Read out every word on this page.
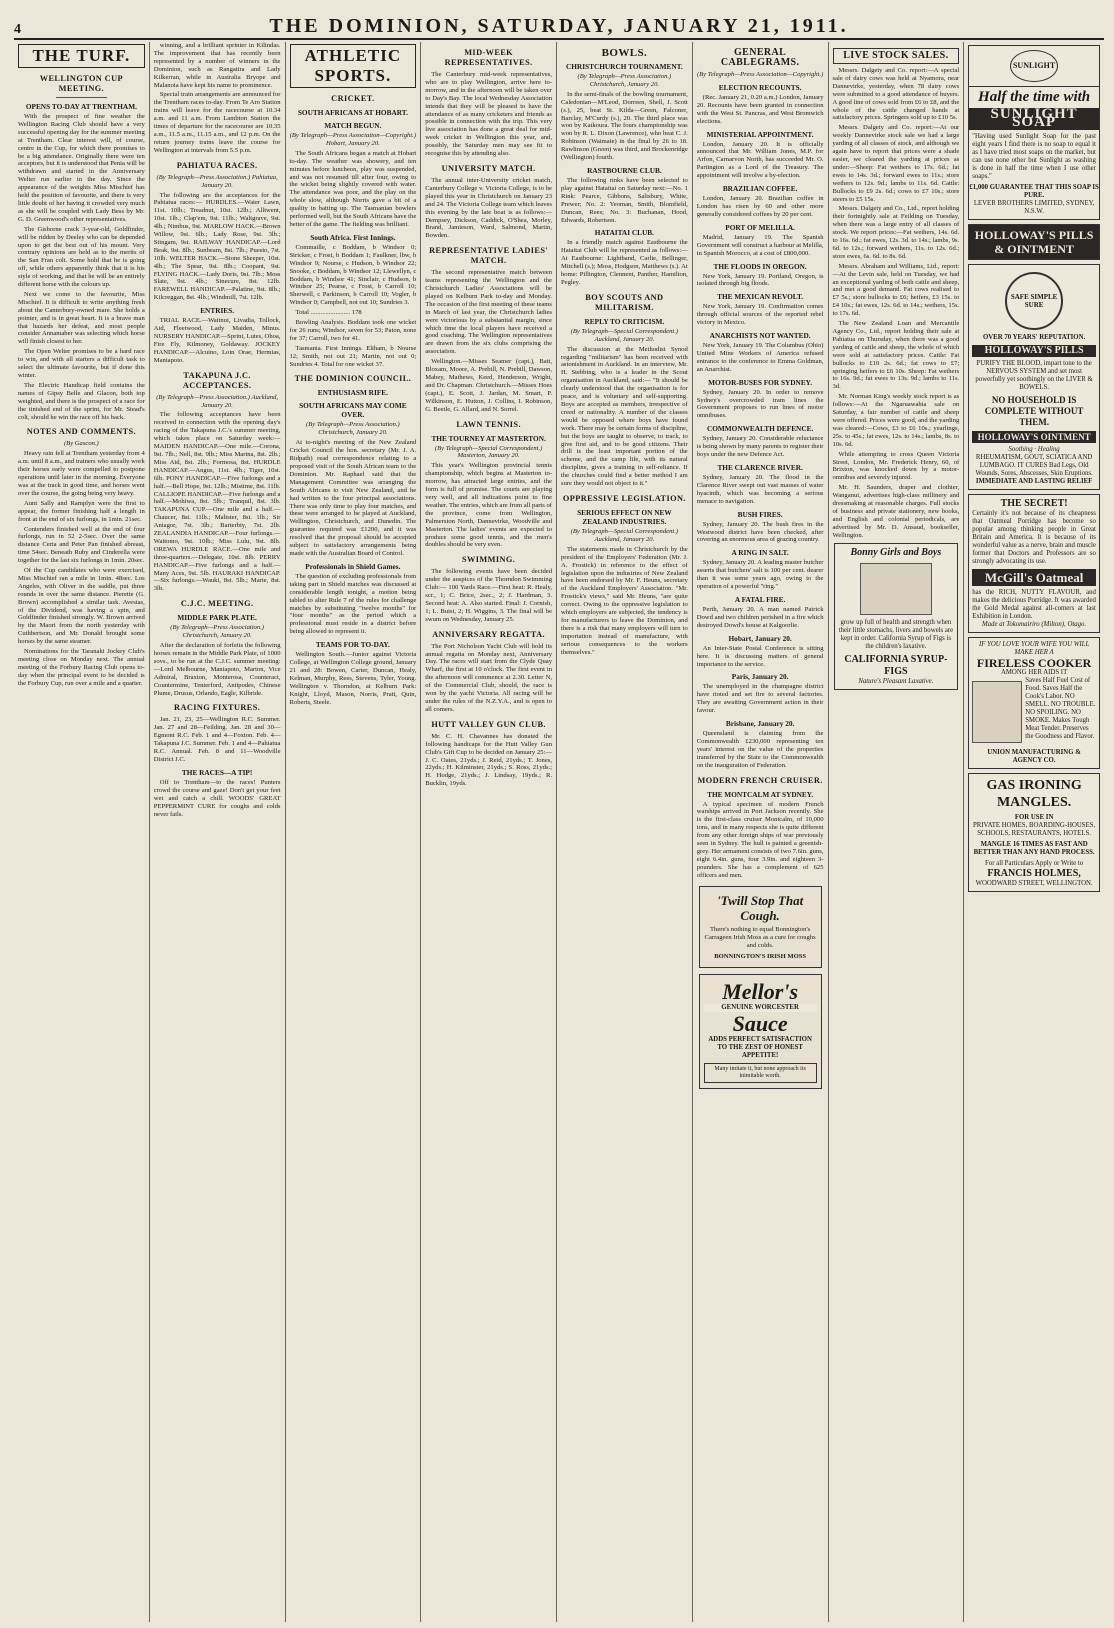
4	THE DOMINION, SATURDAY, JANUARY 21, 1911.
THE TURF.
WELLINGTON CUP MEETING.
OPENS TO-DAY AT TRENTHAM.

With the prospect of fine weather the Wellington Racing Club should have a very successful opening day for the summer meeting at Trentham. Clear interest will, of course, centre in the Cup, for which there promises to be a big attendance. Originally there were ten acceptors, but it is understood that Penia will be withdrawn and started in the Anniversary Welter run earlier in the day. Since the appearance of the weights Miss Mischief has held the position of favourite, and there is very little doubt of her having it crowded very much as she will be coupled with Lady Bess by Mr. G. D. Greenwood's other representatives.

The Gisborne crack 3-year-old, Goldfinder, will be ridden by Deeley who can be depended upon to get the best out of his mount. Very contrary opinions are held as to the merits of the San Fran colt. Some hold that he is going off, while others apparently think that it is his style of working, and that he will be an entirely different horse with the colours up.

Next we come to the favourite, Miss Mischief. It is difficult to write anything fresh about the Canterbury-owned mare. She holds a pointer, and is in great heart. It is a brave man that hazards her defeat, and most people consider Annamaber was selecting which horse will finish closest to her.

The Open Welter promises to be a hard race to win, and with all starters a difficult task to select the ultimate favourite, but if done this winter.

The Electric Handicap field contains the names of Gipsy Belle and Glacon, both top weighted, and there is the prospect of a race for the tinished end of the sprint, for Mr. Stead's colt, should he win the race off his back.

NOTES AND COMMENTS.
(By Gascon.)

Heavy rain fell at Trentham yesterday from 4 a.m. until 8 a.m., and trainers who usually work their horses early were compelled to postpone operations until later in the morning. Everyone was at the track in good time, and horses went over the course, the going being very heavy.

Aunt Sally and Ramplyn were the first to appear, the former finishing half a length in front at the end of six furlongs, in 1min. 21sec.

Contenders finished well at the end of four furlongs, run in 52 2-5sec. Over the same distance Certa and Peter Pan finished abreast, time 54sec. Beneath Ruby and Cinderella were together for the last six furlongs in 1min. 20sec.

Of the Cup candidates who were exercised, Miss Mischief ran a mile in 1min. 48sec. Los Angeles, with Oliver in the saddle, put three rounds in over the same distance. Pierette (G. Brown) accomplished a similar task. Avestas, of the Dividend, was having a spin, and Goldfinder finished strongly. W. Brown arrived by the Maori from the north yesterday with Cuthbertson, and Mr. Donald brought some horses by the same steamer.

Nominations for the Taranaki Jockey Club's meeting close on Monday next. The annual meeting of the Forbury Racing Club opens to-day when the principal event to be decided is the Forbury Cup, run over a mile and a quarter.

winning, and a brilliant sprinter in Kilindas. The improvement that has recently been represented by a number of winners in the Dominion, such as Rangatira and Lady Kilkerran, while in Australia Bryope and Malanoia have kept his name to prominence.

Special train arrangements are announced for the Trentham races to-day. From Te Aro Station trains will leave for the racecourse at 10.34 a.m. and 11 a.m. From Lambton Station the times of departure for the racecourse are 10.35 a.m., 11.5 a.m., 11.15 a.m., and 12 p.m. On the return journey trains leave the course for Wellington at intervals from 5.5 p.m.

PAHIATUA RACES.
(By Telegraph—Press Association.) Pahiatua, January 20.

The following are the acceptances for the Pahiatua races:— HURDLES.—Water Lawn, 11st. 10lb.; Treadnut, 10st. 12lb.; Alltwent, 10st. 1lb.; Clap'em, 9st. 11lb.; Waltgrave, 9st. 4lb.; Nimbus, 9st. MARLOW HACK.—Brown Willow, 9st. 6lb.; Lady Rose, 9st. 3lb.; Stingam, 9st. RAILWAY HANDICAP.—Lord Beak, 9st. 8lb.; Sunbeam, 8st. 7lb.; Puesto, 7st. 10lb. WELTER HACK.—Stone Sheeper, 10st. 4lb.; The Spear, 9st. 8lb.; Coopant, 9st. FLYING HACK.—Lady Doris, 9st. 7lb.; Moss Slate, 9st. 4lb.; Sinecure, 8st. 12lb. FAREWELL HANDICAP.—Palatine, 9st. 8lb.; Kilcreggan, 8st. 4lb.; Windmill, 7st. 12lb.

ENTRIES.

TRIAL RACE.—Waitnui, Livadia, Tollock, Aid, Fleetwood, Lady Maiden, Minus. NURSERY HANDICAP.—Sprint, Lutes, Ohoa, Fire Fly, Kilmoney, Goldaway. JOCKEY HANDICAP.—Alcuino, Loin Orae, Hermias, Maniapoto.

TAKAPUNA J.C. ACCEPTANCES.
(By Telegraph—Press Association.) Auckland, January 20.

The following acceptances have been received in connection with the opening day's racing of the Takapuna J.C.'s summer meeting, which takes place on Saturday week:— MAIDEN HANDICAP.—One mile.—Corona, 9st. 7lb.; Nell, 8st. 9lb.; Miss Marina, 8st. 2lb.; Miss Aid, 8st. 2lb.; Formosa, 8st. HURDLE HANDICAP.—Angus, 11st. 4lb.; Tiger, 10st. 6lb. PONY HANDICAP.—Five furlongs and a half.—Bell Hope, 9st. 12lb.; Mistime, 8st. 11lb. CALLIOPE HANDICAP.—Five furlongs and a half.—Mohiwa, 8st. 5lb.; Tranquil, 8st. 3lb. TAKAPUNA CUP.—One mile and a half.—Chaucer, 8st. 11lb.; Maltster, 8st. 1lb.; Sir Antagor, 7st. 3lb.; Barterbiy, 7st. 2lb. ZEALANDIA HANDICAP.—Four furlongs.—Waitomo, 9st. 10lb.; Miss Lulu, 9st. 8lb. OREWA HURDLE RACE.—One mile and three-quarters.—Delegate, 10st. 8lb. PERRY HANDICAP.—Five furlongs and a half.—Many Aces, 9st. 5lb. HAURAKI HANDICAP.—Six furlongs.—Wauki, 8st. 5lb.; Marie, 8st. 3lb.

C.J.C. MEETING.
MIDDLE PARK PLATE.
(By Telegraph—Press Association.) Christchurch, January 20.

After the declaration of forfeits the following horses remain in the Middle Park Plate, of 1000 sovs., to be run at the C.J.C. summer meeting:—Lord Melbourne, Maniapoto, Marton, Vice Admiral, Braxton, Monterosa, Counteract, Countermine, Tenterford, Antipodes, Chinese Plume, Drusus, Orlando, Eagle, Kilbride.

RACING FIXTURES.

Jan. 21, 23, 25—Wellington R.C. Summer. Jan. 27 and 28—Feilding. Jan. 28 and 30—Egmont R.C. Feb. 1 and 4—Foxton. Feb. 4—Takapuna J.C. Summer. Feb. 1 and 4—Pahiatua R.C. Annual. Feb. 8 and 11—Woodville District J.C.

THE RACES—A TIP!

Off to Trentham—to the races! Punters crowd the course and gaze! Don't get your feet wet and catch a chill. WOODS' GREAT PEPPERMINT CURE for coughs and colds never fails.

ATHLETIC SPORTS.
CRICKET.
SOUTH AFRICANS AT HOBART.
MATCH BEGUN.
(By Telegraph—Press Association—Copyright.) Hobart, January 20.

The South Africans began a match at Hobart to-day. The weather was showery, and ten minutes before luncheon, play was suspended, and was not resumed till after four, owing to the wicket being slightly covered with water. The attendance was poor, and the play on the whole slow, although Norris gave a bit of a quality in batting up. The Tasmanian bowlers performed well, but the South Africans have the better of the game. The fielding was brilliant.

South Africa. First Innings.

Commaille, c Boddam, b Windsor 0; Stricker, c Frost, b Boddam 1; Faulkner, lbw, b Windsor 9; Nourse, c Hudson, b Windsor 22; Snooke, c Boddam, b Windsor 12; Llewellyn, c Boddam, b Windsor 41; Sinclair, c Hudson, b Windsor 25; Pearse, c Frost, b Carroll 10; Sherwell, c Parkinson, b Carroll 10; Vogler, b Windsor 0; Campbell, not out 10; Sundries 3.

Total ........................ 178

Bowling Analysis. Boddam took one wicket for 26 runs; Windsor, seven for 53; Paton, none for 37; Carroll, two for 41.

Tasmania. First Innings. Eltham, b Nourse 12; Smith, not out 21; Martin, not out 0; Sundries 4. Total for one wicket 37.

THE DOMINION COUNCIL.
ENTHUSIASM RIFE.
SOUTH AFRICANS MAY COME OVER.
(By Telegraph—Press Association.) Christchurch, January 20.

At to-night's meeting of the New Zealand Cricket Council the hon. secretary (Mr. J. A. Ridpath) read correspondence relating to a proposed visit of the South African team to the Dominion. Mr. Raphael said that the Management Committee was arranging the South Africans to visit New Zealand, and he had written to the four principal associations. There was only time to play four matches, and these were arranged to be played at Auckland, Wellington, Christchurch, and Dunedin. The guarantee required was £1200, and it was resolved that the proposal should be accepted subject to satisfactory arrangements being made with the Australian Board of Control.

Professionals in Shield Games.

The question of excluding professionals from taking part in Shield matches was discussed at considerable length tonight, a motion being tabled to alter Rule 7 of the rules for challenge matches by substituting "twelve months" for "four months" as the period which a professional must reside in a district before being allowed to represent it.

TEAMS FOR TO-DAY.

Wellington South.—Junior against Victoria College, at Wellington College ground, January 21 and 28: Bowen, Carter, Duncan, Healy, Kelman, Murphy, Rees, Stevens, Tyler, Young. Wellington v. Thorndon, at Kelburn Park: Knight, Lloyd, Mason, Norris, Pratt, Quin, Roberts, Steele.

MID-WEEK REPRESENTATIVES.

The Canterbury mid-week representatives, who are to play Wellington, arrive here to-morrow, and in the afternoon will be taken over to Day's Bay. The local Wednesday Association intends that they will be pleased to have the attendance of as many cricketers and friends as possible in connection with the trip. This very live association has done a great deal for mid-week cricket in Wellington this year, and, possibly, the Saturday men may see fit to recognise this by attending also.

UNIVERSITY MATCH.

The annual inter-University cricket match, Canterbury College v. Victoria College, is to be played this year in Christchurch on January 23 and 24. The Victoria College team which leaves this evening by the late boat is as follows:—Dempsey, Dickson, Caddick, O'Shea, Morley, Brand, Jamieson, Ward, Salmond, Martin, Bowden.

REPRESENTATIVE LADIES' MATCH.

The second representative match between teams representing the Wellington and the Christchurch Ladies' Associations will be played on Kelburn Park to-day and Monday. The occasion of the first meeting of these teams in March of last year, the Christchurch ladies were victorious by a substantial margin, since which time the local players have received a good coaching. The Wellington representatives are drawn from the six clubs comprising the association.

Wellington.—Misses Seamer (capt.), Batt, Bloxam, Moore, A. Prebill, N. Prebill, Dawson, Mabey, Mathews, Keed, Henderson, Wright, and Dr. Chapman. Christchurch.—Misses Hoes (capt.), E. Scott, J. Jardan, M. Smart, P. Wilkinson, E. Hutton, J. Collins, I. Robinson, G. Beetle, G. Allard, and N. Sorrel.

LAWN TENNIS.
THE TOURNEY AT MASTERTON.
(By Telegraph—Special Correspondent.) Masterton, January 20.

This year's Wellington provincial tennis championship, which begins at Masterton to-morrow, has attracted large entries, and the form is full of promise. The courts are playing very well, and all indications point to fine weather. The entries, which are from all parts of the province, come from Wellington, Palmerston North, Dannevirke, Woodville and Masterton. The ladies' events are expected to produce some good tennis, and the men's doubles should be very even.

SWIMMING.

The following events have been decided under the auspices of the Thorndon Swimming Club:— 100 Yards Race.—First heat: R. Healy, scr., 1; C. Brice, 2sec., 2; J. Hardman, 3. Second heat: A. Also started. Final: J. Cornish, 1; L. Buist, 2; H. Wiggins, 3. The final will be swum on Wednesday, January 25.

ANNIVERSARY REGATTA.

The Port Nicholson Yacht Club will hold its annual regatta on Monday next, Anniversary Day. The races will start from the Clyde Quay Wharf, the first at 10 o'clock. The first event in the afternoon will commence at 2.30. Letter N, of the Commercial Club, should, the race is won by the yacht Victoria. All racing will be under the rules of the N.Z.Y.A., and is open to all comers.

HUTT VALLEY GUN CLUB.

Mr. C. H. Chavannes has donated the following handicaps for the Hutt Valley Gun Club's Gift Cup to be decided on January 25:—J. C. Oates, 21yds.; J. Reid, 21yds.; T. Jones, 22yds.; H. Kilminster, 21yds.; S. Ross, 21yds.; H. Hodge, 21yds.; J. Lindsay, 19yds.; R. Bucklin, 19yds.

BOWLS.
CHRISTCHURCH TOURNAMENT.
(By Telegraph—Press Association.) Christchurch, January 20.

In the semi-finals of the bowling tournament, Caledonian—M'Leod, Dorreen, Shell, J. Scott (s.), 25, beat St. Kilda—Green, Falconer, Barclay, M'Curdy (s.), 20. The third place was won by Kaikoura. The fours championship was won by R. L. Dixon (Lawrence), who beat C. J. Robinson (Waimate) in the final by 26 to 18. Rawlinson (Green) was third, and Brockenridge (Wellington) fourth.

RASTBOURNE CLUB.

The following rinks have been selected to play against Hataitai on Saturday next:—No. 1 Rink: Pearce, Gibbons, Salisbury, White, Prewer; No. 2: Yeoman, Smith, Blomfield, Duncan, Rees; No. 3: Buchanan, Hood, Edwards, Robertson.

HATAITAI CLUB.

In a friendly match against Eastbourne the Hataitai Club will be represented as follows:—At Eastbourne: Lightband, Carlie, Bellinger, Mitchell (s.); Moss, Hodgson, Matthews (s.). At home: Pillington, Clennent, Panther, Hamilton, Pegley.

BOY SCOUTS AND MILITARISM.
REPLY TO CRITICISM.
(By Telegraph—Special Correspondent.) Auckland, January 20.

The discussion at the Methodist Synod regarding "militarism" has been received with astonishment in Auckland. In an interview, Mr. H. Stebbing, who is a leader in the Scout organisation in Auckland, said:— "It should be clearly understood that the organisation is for peace, and is voluntary and self-supporting. Boys are accepted as members, irrespective of creed or nationality. A number of the classes would be opposed where boys have found work. There may be certain forms of discipline, but the boys are taught to observe, to track, to give first aid, and to be good citizens. Their drill is the least important portion of the scheme, and the camp life, with its natural discipline, gives a training in self-reliance. If the churches could find a better method I am sure they would not object to it."

OPPRESSIVE LEGISLATION.
SERIOUS EFFECT ON NEW ZEALAND INDUSTRIES.
(By Telegraph—Special Correspondent.) Auckland, January 20.

The statements made in Christchurch by the president of the Employers' Federation (Mr. J. A. Frostick) in reference to the effect of legislation upon the industries of New Zealand have been endorsed by Mr. F. Heuns, secretary of the Auckland Employers' Association. "Mr. Frostick's views," said Mr. Heuns, "are quite correct. Owing to the oppressive legislation to which employers are subjected, the tendency is for manufacturers to leave the Dominion, and there is a risk that many employers will turn to importation instead of manufacture, with serious consequences to the workers themselves."

GENERAL CABLEGRAMS.
(By Telegraph—Press Association—Copyright.)
ELECTION RECOUNTS.

(Rec. January 21, 0.20 a.m.) London, January 20. Recounts have been granted in connection with the West St. Pancras, and West Bromwich elections.

MINISTERIAL APPOINTMENT.

London, January 20. It is officially announced that Mr. William Jones, M.P. for Arfon, Carnarvon North, has succeeded Mr. O. Partington as a Lord of the Treasury. The appointment will involve a by-election.

BRAZILIAN COFFEE.

London, January 20. Brazilian coffee in London has risen by 60 and other more generally considered coffees by 20 per cent.

PORT OF MELILLA.

Madrid, January 19. The Spanish Government will construct a harbour at Melilla, in Spanish Morocco, at a cost of £800,000.

THE FLOODS IN OREGON.

New York, January 19. Portland, Oregon, is isolated through big floods.

THE MEXICAN REVOLT.

New York, January 19. Confirmation comes through official sources of the reported rebel victory in Mexico.

ANARCHISTS NOT WANTED.

New York, January 19. The Columbus (Ohio) United Mine Workers of America refused entrance to the conference to Emma Goldman, an Anarchist.

MOTOR-BUSES FOR SYDNEY.

Sydney, January 20. In order to remove Sydney's overcrowded tram lines the Government proposes to run lines of motor omnibuses.

COMMONWEALTH DEFENCE.

Sydney, January 20. Considerable reluctance is being shown by many parents to register their boys under the new Defence Act.

THE CLARENCE RIVER.

Sydney, January 20. The flood in the Clarence River swept out vast masses of water hyacinth, which was becoming a serious menace to navigation.

BUSH FIRES.

Sydney, January 20. The bush fires in the Westwood district have been checked, after covering an enormous area of grazing country.

A RING IN SALT.

Sydney, January 20. A leading master butcher asserts that butchers' salt is 100 per cent. dearer than it was some years ago, owing to the operation of a powerful "ring."

A FATAL FIRE.

Perth, January 20. A man named Patrick Dowd and two children perished in a fire which destroyed Dowd's house at Kalgoorlie.

Hobart, January 20.

An Inter-State Postal Conference is sitting here. It is discussing matters of general importance to the service.

Paris, January 20.

The unemployed in the champagne district have rioted and set fire to several factories. They are awaiting Government action in their favour.

Brisbane, January 20.

Queensland is claiming from the Commonwealth £230,000 representing ten years' interest on the value of the properties transferred by the State to the Commonwealth on the inauguration of Federation.

MODERN FRENCH CRUISER.
THE MONTCALM AT SYDNEY.

A typical specimen of modern French warships arrived in Port Jackson recently. She is the first-class cruiser Montcalm, of 10,000 tons, and in many respects she is quite different from any other foreign ships of war previously seen in Sydney. The hull is painted a greenish-grey. Her armament consists of two 7.6in. guns, eight 6.4in. guns, four 3.9in. and eighteen 3-pounders. She has a complement of 625 officers and men.

'Twill Stop That Cough.
There's nothing to equal Bonnington's Carrageen Irish Moss as a cure for coughs and colds.
BONNINGTON'S IRISH MOSS
Mellor's
GENUINE WORCESTER
Sauce
ADDS PERFECT SATISFACTION TO THE ZEST OF HONEST APPETITE!
Many imitate it, but none approach its inimitable worth.
LIVE STOCK SALES.

Messrs. Dalgety and Co. report:—A special sale of dairy cows was held at Nyamora, near Dannevirke, yesterday, when 78 dairy cows were submitted to a good attendance of buyers. A good line of cows sold from £6 to £8, and the whole of the cattle changed hands at satisfactory prices. Springers sold up to £10 5s.

Messrs. Dalgety and Co. report:—At our weekly Dannevirke stock sale we had a large yarding of all classes of stock, and although we again have to report that prices were a shade easier, we cleared the yarding at prices as under:—Sheep: Fat wethers to 17s. 6d.; fat ewes to 14s. 3d.; forward ewes to 11s.; store wethers to 12s. 9d.; lambs to 11s. 6d. Cattle: Bullocks to £9 2s. 6d.; cows to £7 10s.; store steers to £5 15s.

Messrs. Dalgety and Co., Ltd., report holding their fortnightly sale at Feilding on Tuesday, when there was a large entry of all classes of stock. We report prices:—Fat wethers, 14s. 6d. to 16s. 6d.; fat ewes, 12s. 3d. to 14s.; lambs, 9s. 6d. to 12s.; forward wethers, 11s. to 12s. 6d.; store ewes, 6s. 6d. to 8s. 6d.

Messrs. Abraham and Williams, Ltd., report:—At the Levin sale, held on Tuesday, we had an exceptional yarding of both cattle and sheep, and met a good demand. Fat cows realised to £7 5s.; store bullocks to £6; heifers, £3 15s. to £4 10s.; fat ewes, 12s. 6d. to 14s.; wethers, 15s. to 17s. 6d.

The New Zealand Loan and Mercantile Agency Co., Ltd., report holding their sale at Pahiatua on Thursday, when there was a good yarding of cattle and sheep, the whole of which were sold at satisfactory prices. Cattle: Fat bullocks to £10 2s. 6d.; fat cows to £7; springing heifers to £6 10s. Sheep: Fat wethers to 16s. 9d.; fat ewes to 13s. 9d.; lambs to 11s. 3d.

Mr. Norman King's weekly stock report is as follows:—At the Ngaruawahia sale on Saturday, a fair number of cattle and sheep were offered. Prices were good, and the yarding was cleared:—Cows, £3 to £6 10s.; yearlings, 25s. to 45s.; fat ewes, 12s. to 14s.; lambs, 8s. to 10s. 6d.

While attempting to cross Queen Victoria Street, London, Mr. Frederick Henry, 60, of Brixton, was knocked down by a motor-omnibus and severely injured.

Mr. H. Saunders, draper and clothier, Wanganui, advertises high-class millinery and dressmaking at reasonable charges. Full stocks of business and private stationery, new books, and English and colonial periodicals, are advertised by Mr. D. Ansaud, bookseller, Wellington.

Bonny Girls and Boys
grow up full of health and strength when their little stomachs, livers and bowels are kept in order. California Syrup of Figs is the children's laxative.
CALIFORNIA SYRUP-FIGS
Nature's Pleasant Laxative.
SUNLIGHT
Half the time with
SUNLIGHT SOAP
"Having used Sunlight Soap for the past eight years I find there is no soap to equal it as I have tried most soaps on the market, but can use none other but Sunlight as washing is done in half the time when I use other soaps."
£1,000 GUARANTEE THAT THIS SOAP IS PURE.
LEVER BROTHERS LIMITED, SYDNEY, N.S.W.
HOLLOWAY'S PILLS & OINTMENT
SAFE SIMPLE SURE
OVER 70 YEARS' REPUTATION.
HOLLOWAY'S PILLS
PURIFY THE BLOOD, impart tone to the NERVOUS SYSTEM and set most powerfully yet soothingly on the LIVER & BOWELS.
NO HOUSEHOLD IS COMPLETE WITHOUT THEM.
HOLLOWAY'S OINTMENT
Soothing · Healing
RHEUMATISM, GOUT, SCIATICA AND LUMBAGO. IT CURES Bad Legs, Old Wounds, Sores, Abscesses, Skin Eruptions.
IMMEDIATE AND LASTING RELIEF
THE SECRET!
Certainly it's not because of its cheapness that Oatmeal Porridge has become so popular among thinking people in Great Britain and America. It is because of its wonderful value as a nerve, brain and muscle former that Doctors and Professors are so strongly advocating its use.
McGill's Oatmeal
has the RICH, NUTTY FLAVOUR, and makes the delicious Porridge. It was awarded the Gold Medal against all-comers at last Exhibition in London.
Made at Tokomairiro (Milton), Otago.
IF YOU LOVE YOUR WIFE YOU WILL MAKE HER A
FIRELESS COOKER
AMONG HER AIDS IT
Saves Half Fuel Cost of Food. Saves Half the Cook's Labor. NO SMELL. NO TROUBLE. NO SPOILING. NO SMOKE. Makes Tough Meat Tender. Preserves the Goodness and Flavor.
UNION MANUFACTURING & AGENCY CO.
GAS IRONING MANGLES.
FOR USE IN
PRIVATE HOMES, BOARDING-HOUSES, SCHOOLS, RESTAURANTS, HOTELS.
MANGLE 16 TIMES AS FAST AND BETTER THAN ANY HAND PROCESS.
For all Particulars Apply or Write to
FRANCIS HOLMES,
WOODWARD STREET, WELLINGTON.
